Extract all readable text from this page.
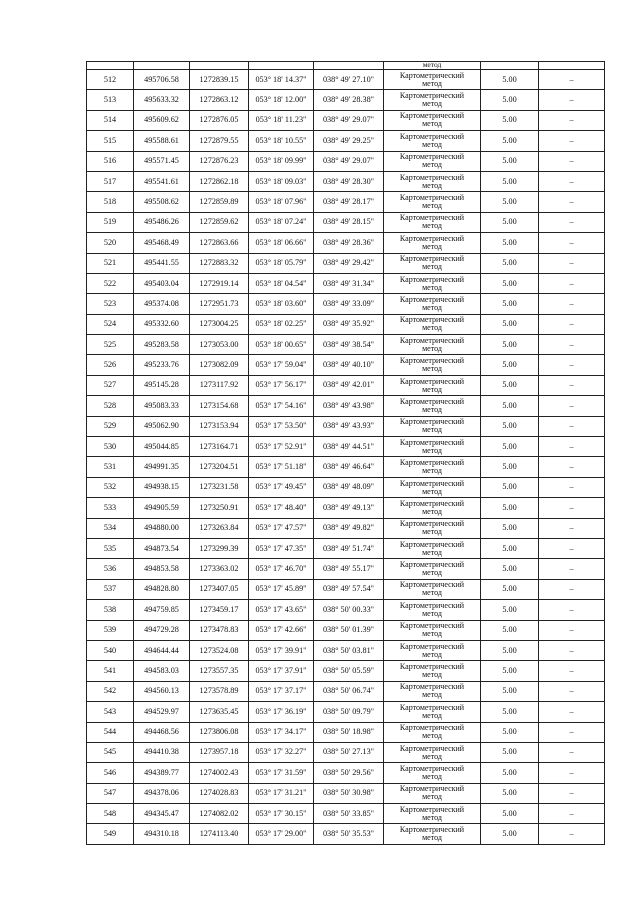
					метод		

512	495706.58	1272839.15	053° 18' 14.37"	038° 49' 27.10"	Картометрический
метод	5.00	–
513	495633.32	1272863.12	053° 18' 12.00"	038° 49' 28.38"	Картометрический
метод	5.00	–
514	495609.62	1272876.05	053° 18' 11.23"	038° 49' 29.07"	Картометрический
метод	5.00	–
515	495588.61	1272879.55	053° 18' 10.55"	038° 49' 29.25"	Картометрический
метод	5.00	–
516	495571.45	1272876.23	053° 18' 09.99"	038° 49' 29.07"	Картометрический
метод	5.00	–
517	495541.61	1272862.18	053° 18' 09.03"	038° 49' 28.30"	Картометрический
метод	5.00	–
518	495508.62	1272859.89	053° 18' 07.96"	038° 49' 28.17"	Картометрический
метод	5.00	–
519	495486.26	1272859.62	053° 18' 07.24"	038° 49' 28.15"	Картометрический
метод	5.00	–
520	495468.49	1272863.66	053° 18' 06.66"	038° 49' 28.36"	Картометрический
метод	5.00	–
521	495441.55	1272883.32	053° 18' 05.79"	038° 49' 29.42"	Картометрический
метод	5.00	–
522	495403.04	1272919.14	053° 18' 04.54"	038° 49' 31.34"	Картометрический
метод	5.00	–
523	495374.08	1272951.73	053° 18' 03.60"	038° 49' 33.09"	Картометрический
метод	5.00	–
524	495332.60	1273004.25	053° 18' 02.25"	038° 49' 35.92"	Картометрический
метод	5.00	–
525	495283.58	1273053.00	053° 18' 00.65"	038° 49' 38.54"	Картометрический
метод	5.00	–
526	495233.76	1273082.09	053° 17' 59.04"	038° 49' 40.10"	Картометрический
метод	5.00	–
527	495145.28	1273117.92	053° 17' 56.17"	038° 49' 42.01"	Картометрический
метод	5.00	–
528	495083.33	1273154.68	053° 17' 54.16"	038° 49' 43.98"	Картометрический
метод	5.00	–
529	495062.90	1273153.94	053° 17' 53.50"	038° 49' 43.93"	Картометрический
метод	5.00	–
530	495044.85	1273164.71	053° 17' 52.91"	038° 49' 44.51"	Картометрический
метод	5.00	–
531	494991.35	1273204.51	053° 17' 51.18"	038° 49' 46.64"	Картометрический
метод	5.00	–
532	494938.15	1273231.58	053° 17' 49.45"	038° 49' 48.09"	Картометрический
метод	5.00	–
533	494905.59	1273250.91	053° 17' 48.40"	038° 49' 49.13"	Картометрический
метод	5.00	–
534	494880.00	1273263.84	053° 17' 47.57"	038° 49' 49.82"	Картометрический
метод	5.00	–
535	494873.54	1273299.39	053° 17' 47.35"	038° 49' 51.74"	Картометрический
метод	5.00	–
536	494853.58	1273363.02	053° 17' 46.70"	038° 49' 55.17"	Картометрический
метод	5.00	–
537	494828.80	1273407.05	053° 17' 45.89"	038° 49' 57.54"	Картометрический
метод	5.00	–
538	494759.85	1273459.17	053° 17' 43.65"	038° 50' 00.33"	Картометрический
метод	5.00	–
539	494729.28	1273478.83	053° 17' 42.66"	038° 50' 01.39"	Картометрический
метод	5.00	–
540	494644.44	1273524.08	053° 17' 39.91"	038° 50' 03.81"	Картометрический
метод	5.00	–
541	494583.03	1273557.35	053° 17' 37.91"	038° 50' 05.59"	Картометрический
метод	5.00	–
542	494560.13	1273578.89	053° 17' 37.17"	038° 50' 06.74"	Картометрический
метод	5.00	–
543	494529.97	1273635.45	053° 17' 36.19"	038° 50' 09.79"	Картометрический
метод	5.00	–
544	494468.56	1273806.08	053° 17' 34.17"	038° 50' 18.98"	Картометрический
метод	5.00	–
545	494410.38	1273957.18	053° 17' 32.27"	038° 50' 27.13"	Картометрический
метод	5.00	–
546	494389.77	1274002.43	053° 17' 31.59"	038° 50' 29.56"	Картометрический
метод	5.00	–
547	494378.06	1274028.83	053° 17' 31.21"	038° 50' 30.98"	Картометрический
метод	5.00	–
548	494345.47	1274082.02	053° 17' 30.15"	038° 50' 33.85"	Картометрический
метод	5.00	–
549	494310.18	1274113.40	053° 17' 29.00"	038° 50' 35.53"	Картометрический
метод	5.00	–
